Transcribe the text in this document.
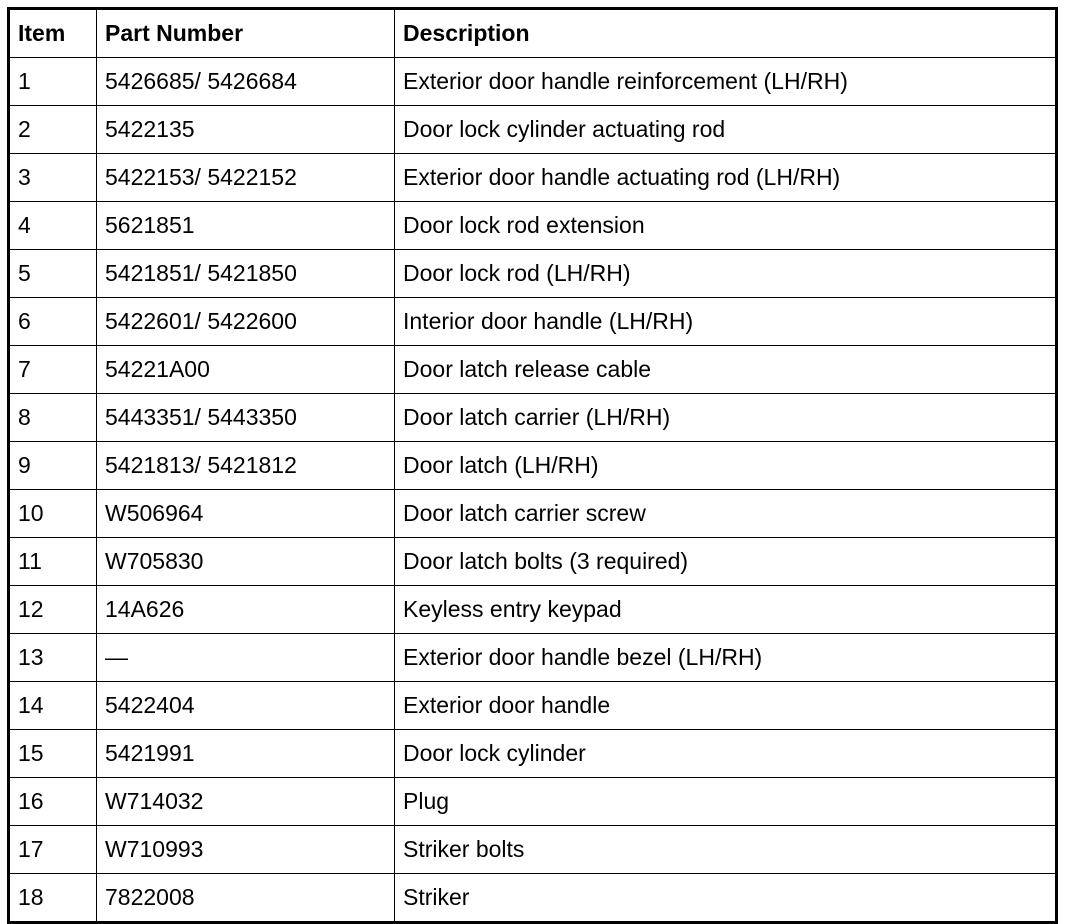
Item	Part Number	Description
1	5426685/ 5426684	Exterior door handle reinforcement (LH/RH)
2	5422135	Door lock cylinder actuating rod
3	5422153/ 5422152	Exterior door handle actuating rod (LH/RH)
4	5621851	Door lock rod extension
5	5421851/ 5421850	Door lock rod (LH/RH)
6	5422601/ 5422600	Interior door handle (LH/RH)
7	54221A00	Door latch release cable
8	5443351/ 5443350	Door latch carrier (LH/RH)
9	5421813/ 5421812	Door latch (LH/RH)
10	W506964	Door latch carrier screw
11	W705830	Door latch bolts (3 required)
12	14A626	Keyless entry keypad
13	—	Exterior door handle bezel (LH/RH)
14	5422404	Exterior door handle
15	5421991	Door lock cylinder
16	W714032	Plug
17	W710993	Striker bolts
18	7822008	Striker
